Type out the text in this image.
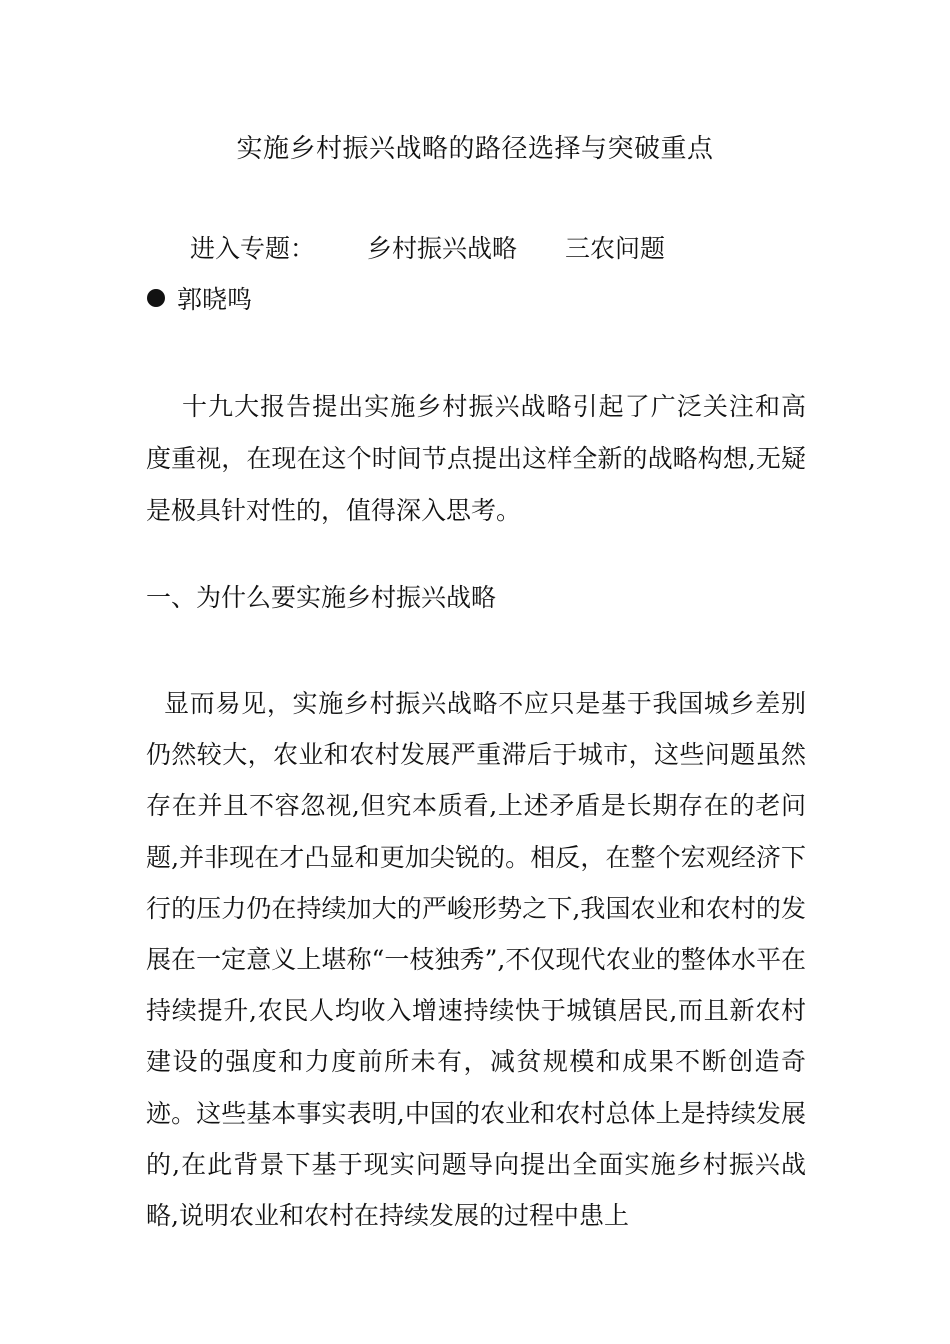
实施乡村振兴战略的路径选择与突破重点
进入专题： 乡村振兴战略 三农问题
郭晓鸣

十九大报告提出实施乡村振兴战略引起了广泛关注和高度重视，在现在这个时间节点提出这样全新的战略构想,无疑是极具针对性的，值得深入思考。

一、为什么要实施乡村振兴战略

显而易见，实施乡村振兴战略不应只是基于我国城乡差别仍然较大，农业和农村发展严重滞后于城市，这些问题虽然存在并且不容忽视,但究本质看,上述矛盾是长期存在的老问题,并非现在才凸显和更加尖锐的。相反，在整个宏观经济下行的压力仍在持续加大的严峻形势之下,我国农业和农村的发展在一定意义上堪称“一枝独秀”,不仅现代农业的整体水平在持续提升,农民人均收入增速持续快于城镇居民,而且新农村建设的强度和力度前所未有，减贫规模和成果不断创造奇迹。这些基本事实表明,中国的农业和农村总体上是持续发展的,在此背景下基于现实问题导向提出全面实施乡村振兴战略,说明农业和农村在持续发展的过程中患上
